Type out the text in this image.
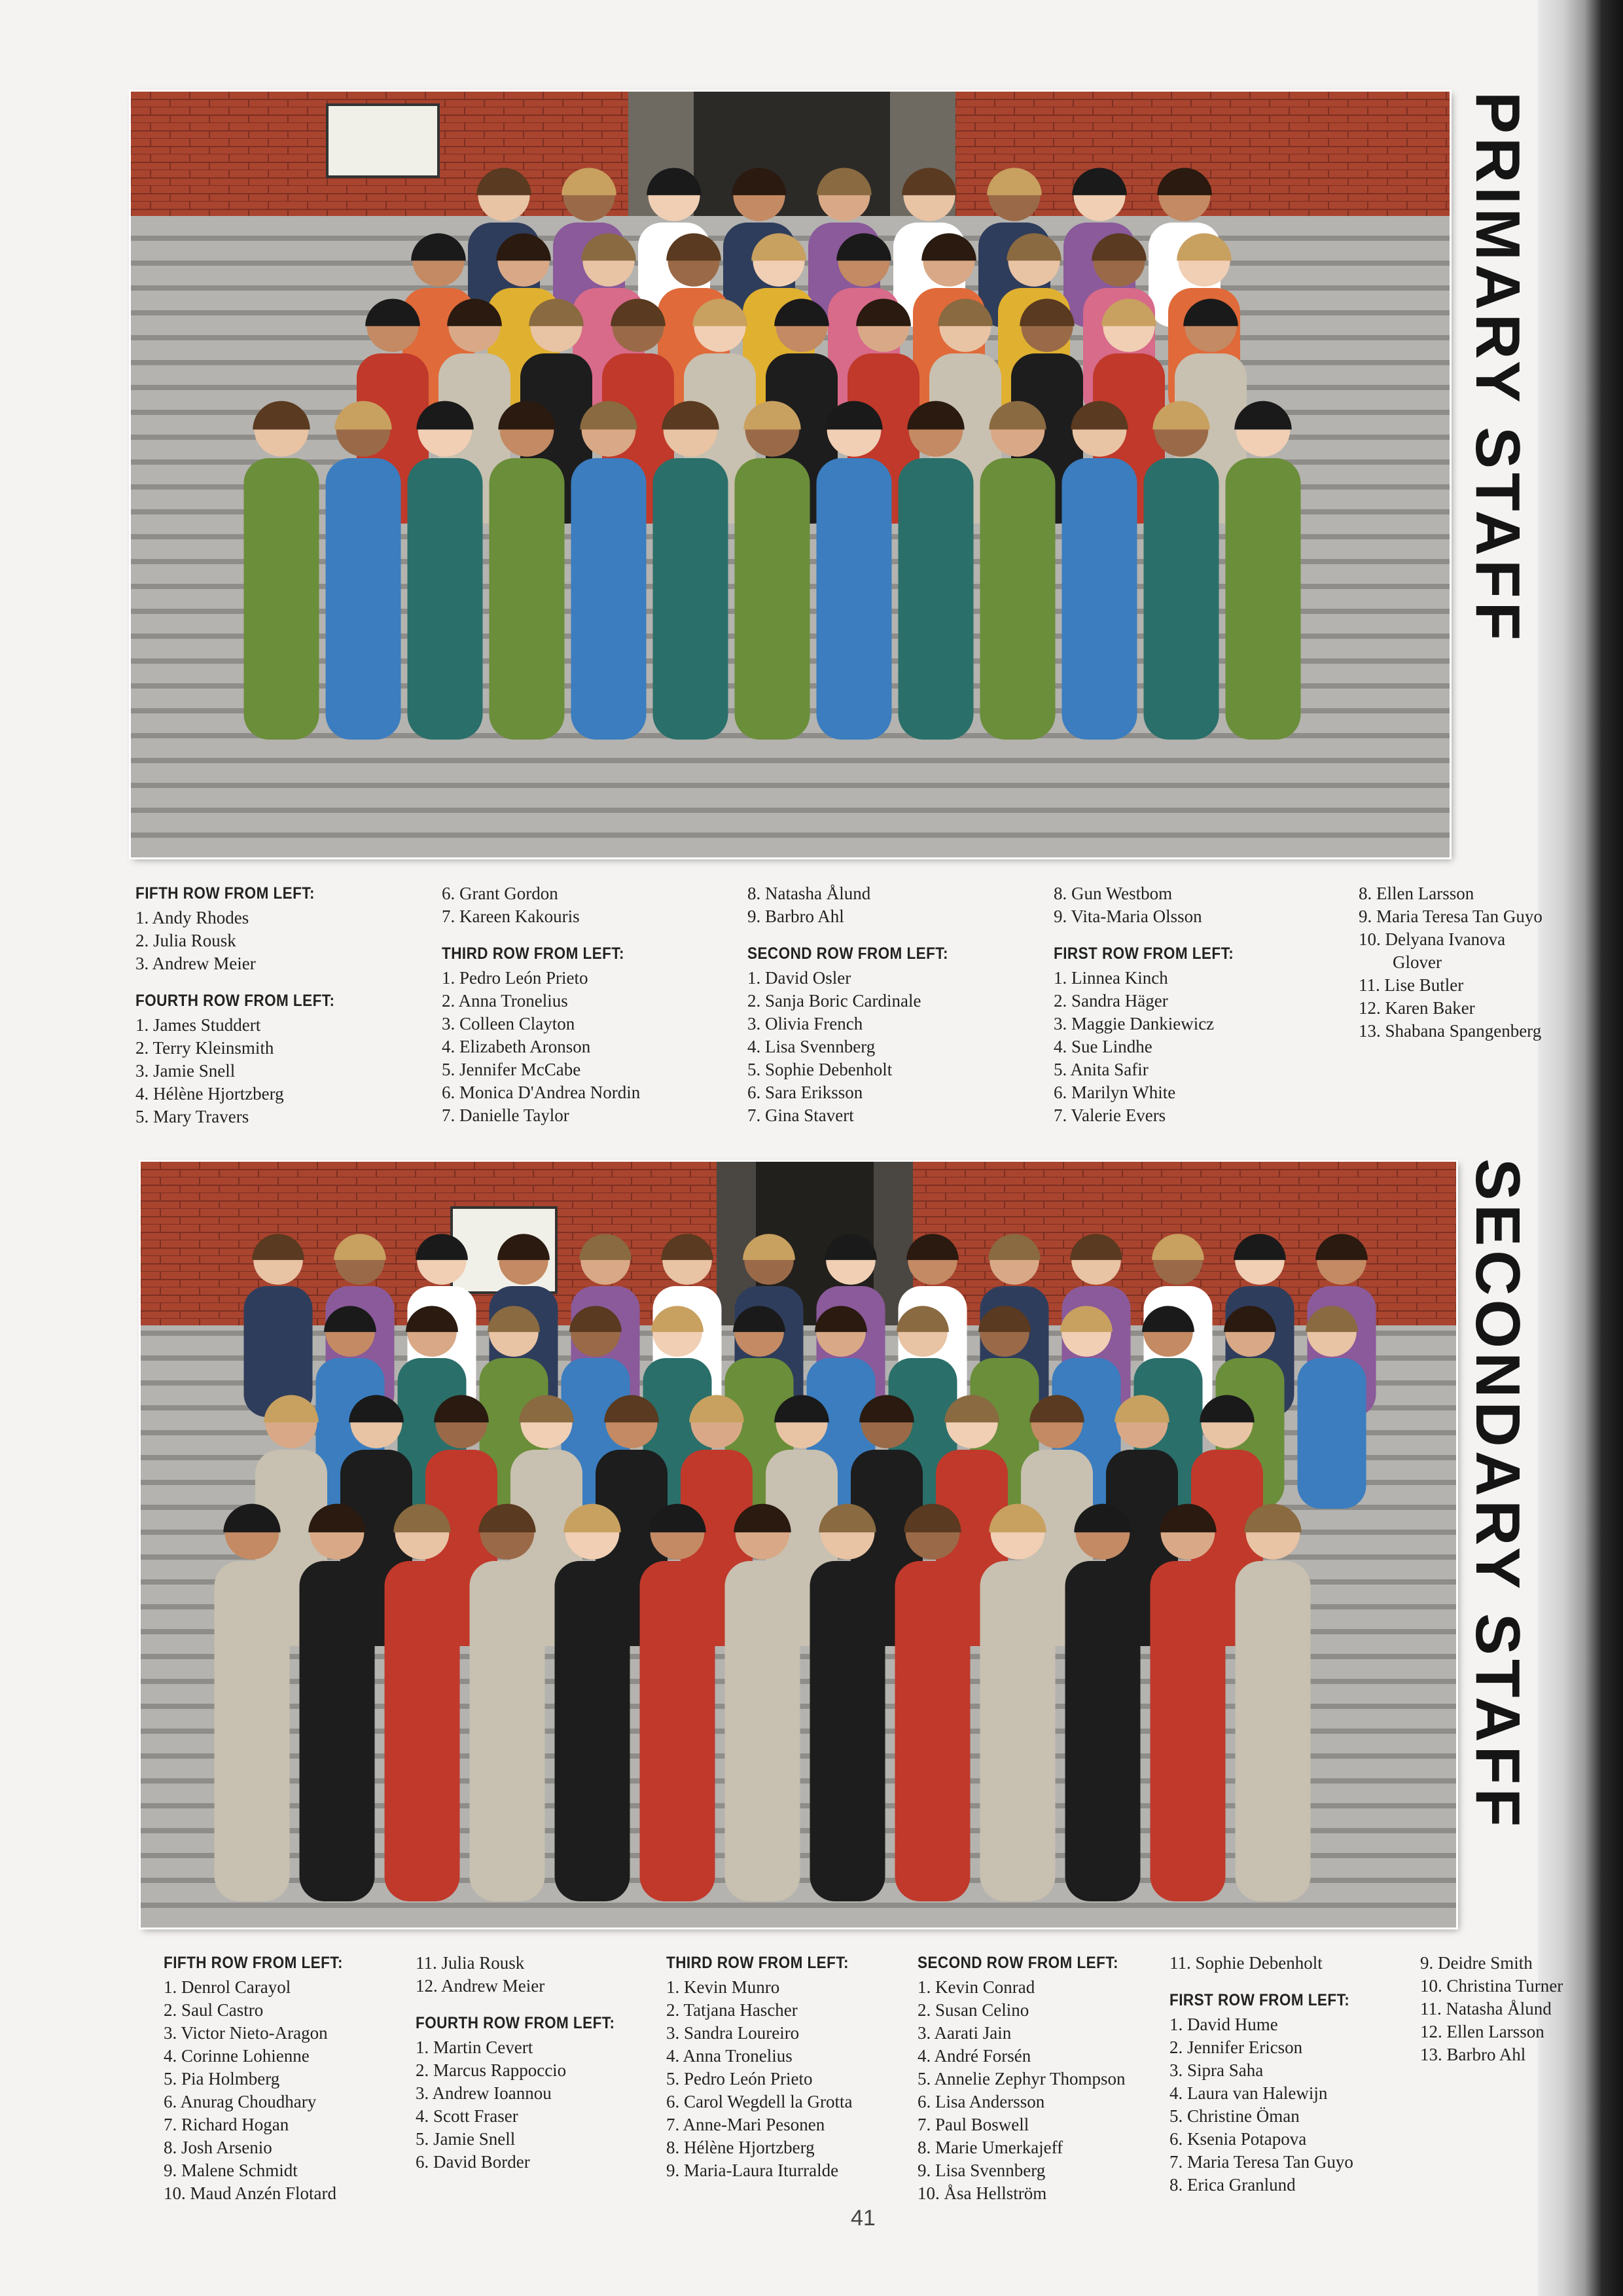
PRIMARY STAFF
FIFTH ROW FROM LEFT:
1. Andy Rhodes
2. Julia Rousk
3. Andrew Meier
FOURTH ROW FROM LEFT:
1. James Studdert
2. Terry Kleinsmith
3. Jamie Snell
4. Hélène Hjortzberg
5. Mary Travers
6. Grant Gordon
7. Kareen Kakouris
THIRD ROW FROM LEFT:
1. Pedro León Prieto
2. Anna Tronelius
3. Colleen Clayton
4. Elizabeth Aronson
5. Jennifer McCabe
6. Monica D'Andrea Nordin
7. Danielle Taylor
8. Natasha Ålund
9. Barbro Ahl
SECOND ROW FROM LEFT:
1. David Osler
2. Sanja Boric Cardinale
3. Olivia French
4. Lisa Svennberg
5. Sophie Debenholt
6. Sara Eriksson
7. Gina Stavert
8. Gun Westbom
9. Vita-Maria Olsson
FIRST ROW FROM LEFT:
1. Linnea Kinch
2. Sandra Häger
3. Maggie Dankiewicz
4. Sue Lindhe
5. Anita Safir
6. Marilyn White
7. Valerie Evers
8. Ellen Larsson
9. Maria Teresa Tan Guyo
10. Delyana Ivanova
Glover
11. Lise Butler
12. Karen Baker
13. Shabana Spangenberg
SECONDARY STAFF
FIFTH ROW FROM LEFT:
1. Denrol Carayol
2. Saul Castro
3. Victor Nieto-Aragon
4. Corinne Lohienne
5. Pia Holmberg
6. Anurag Choudhary
7. Richard Hogan
8. Josh Arsenio
9. Malene Schmidt
10. Maud Anzén Flotard
11. Julia Rousk
12. Andrew Meier
FOURTH ROW FROM LEFT:
1. Martin Cevert
2. Marcus Rappoccio
3. Andrew Ioannou
4. Scott Fraser
5. Jamie Snell
6. David Border
THIRD ROW FROM LEFT:
1. Kevin Munro
2. Tatjana Hascher
3. Sandra Loureiro
4. Anna Tronelius
5. Pedro León Prieto
6. Carol Wegdell la Grotta
7. Anne-Mari Pesonen
8. Hélène Hjortzberg
9. Maria-Laura Iturralde
SECOND ROW FROM LEFT:
1. Kevin Conrad
2. Susan Celino
3. Aarati Jain
4. André Forsén
5. Annelie Zephyr Thompson
6. Lisa Andersson
7. Paul Boswell
8. Marie Umerkajeff
9. Lisa Svennberg
10. Åsa Hellström
11. Sophie Debenholt
FIRST ROW FROM LEFT:
1. David Hume
2. Jennifer Ericson
3. Sipra Saha
4. Laura van Halewijn
5. Christine Öman
6. Ksenia Potapova
7. Maria Teresa Tan Guyo
8. Erica Granlund
9. Deidre Smith
10. Christina Turner
11. Natasha Ålund
12. Ellen Larsson
13. Barbro Ahl
41
